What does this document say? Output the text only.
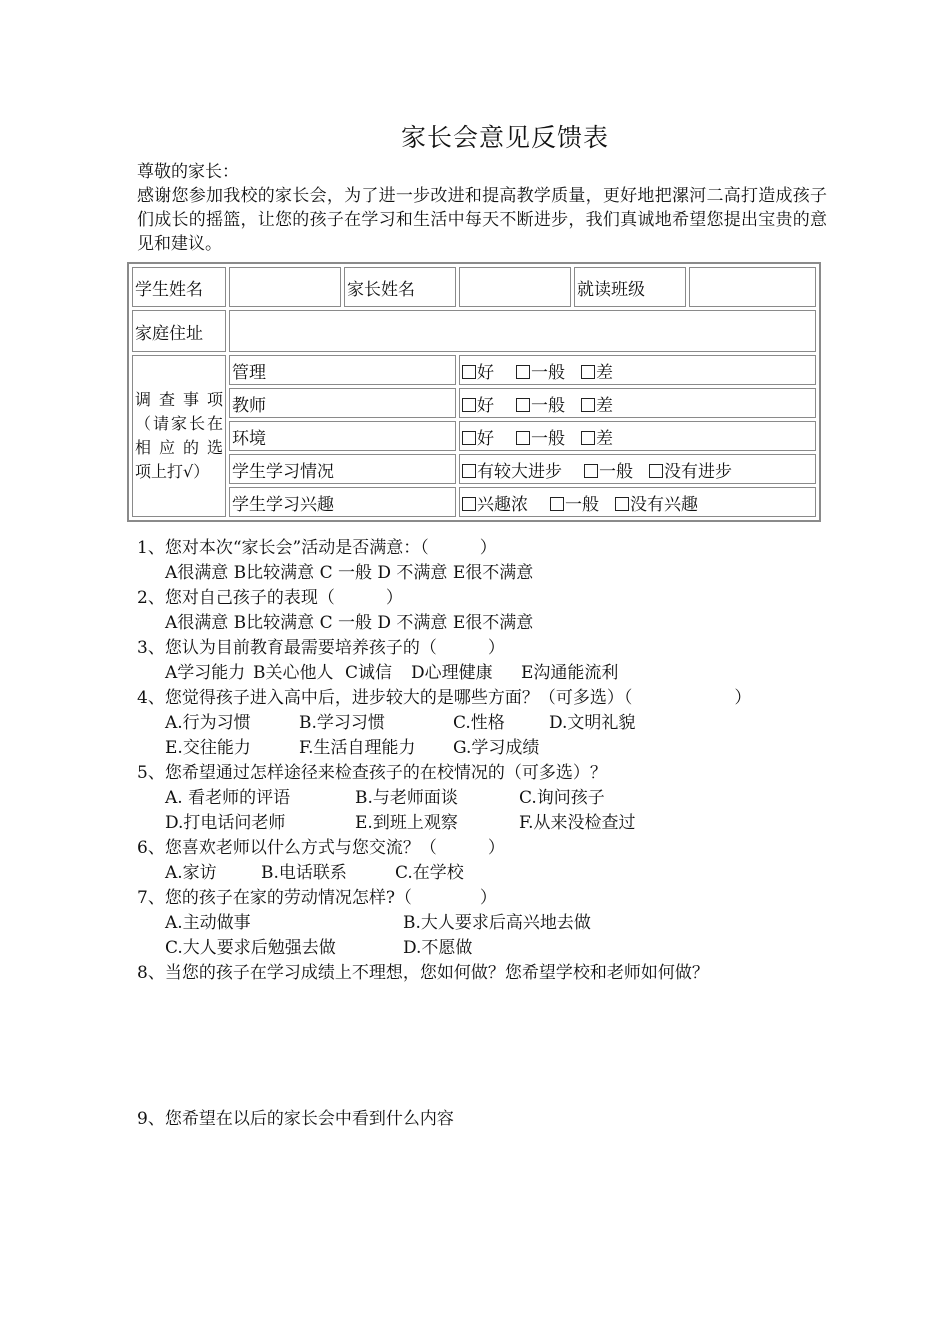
家长会意见反馈表
尊敬的家长：
感谢您参加我校的家长会，为了进一步改进和提高教学质量，更好地把漯河二高打造成孩子们成长的摇篮，让您的孩子在学习和生活中每天不断进步，我们真诚地希望您提出宝贵的意见和建议。
学生姓名		家长姓名		就读班级	
家庭住址					
调 查 事 项（请家长在相 应 的 选项上打√）	管理		好 一般 差		
	教师		好 一般 差		
	环境		好 一般 差		
	学生学习情况		有较大进步 一般 没有进步		
	学生学习兴趣		兴趣浓 一般 没有兴趣		
1、您对本次“家长会”活动是否满意：（　　　）
A很满意 B比较满意 C 一般 D 不满意 E很不满意
2、您对自己孩子的表现（　　　）
A很满意 B比较满意 C 一般 D 不满意 E很不满意
3、您认为目前教育最需要培养孩子的（　　　）
A学习能力 B关心他人 C诚信 D心理健康 E沟通能流利
4、您觉得孩子进入高中后，进步较大的是哪些方面？（可多选）（　　　　　　）
A.行为习惯	B.学习习惯	C.性格	D.文明礼貌
E.交往能力	F.生活自理能力 G.学习成绩
5、您希望通过怎样途径来检查孩子的在校情况的（可多选）？
A. 看老师的评语	B.与老师面谈	C.询问孩子
D.打电话问老师	E.到班上观察	F.从来没检查过
6、您喜欢老师以什么方式与您交流？（　　　）
A.家访	B.电话联系	C.在学校
7、您的孩子在家的劳动情况怎样?（　　　　）
A.主动做事	B.大人要求后高兴地去做
C.大人要求后勉强去做	D.不愿做
8、当您的孩子在学习成绩上不理想，您如何做？您希望学校和老师如何做？
9、您希望在以后的家长会中看到什么内容
